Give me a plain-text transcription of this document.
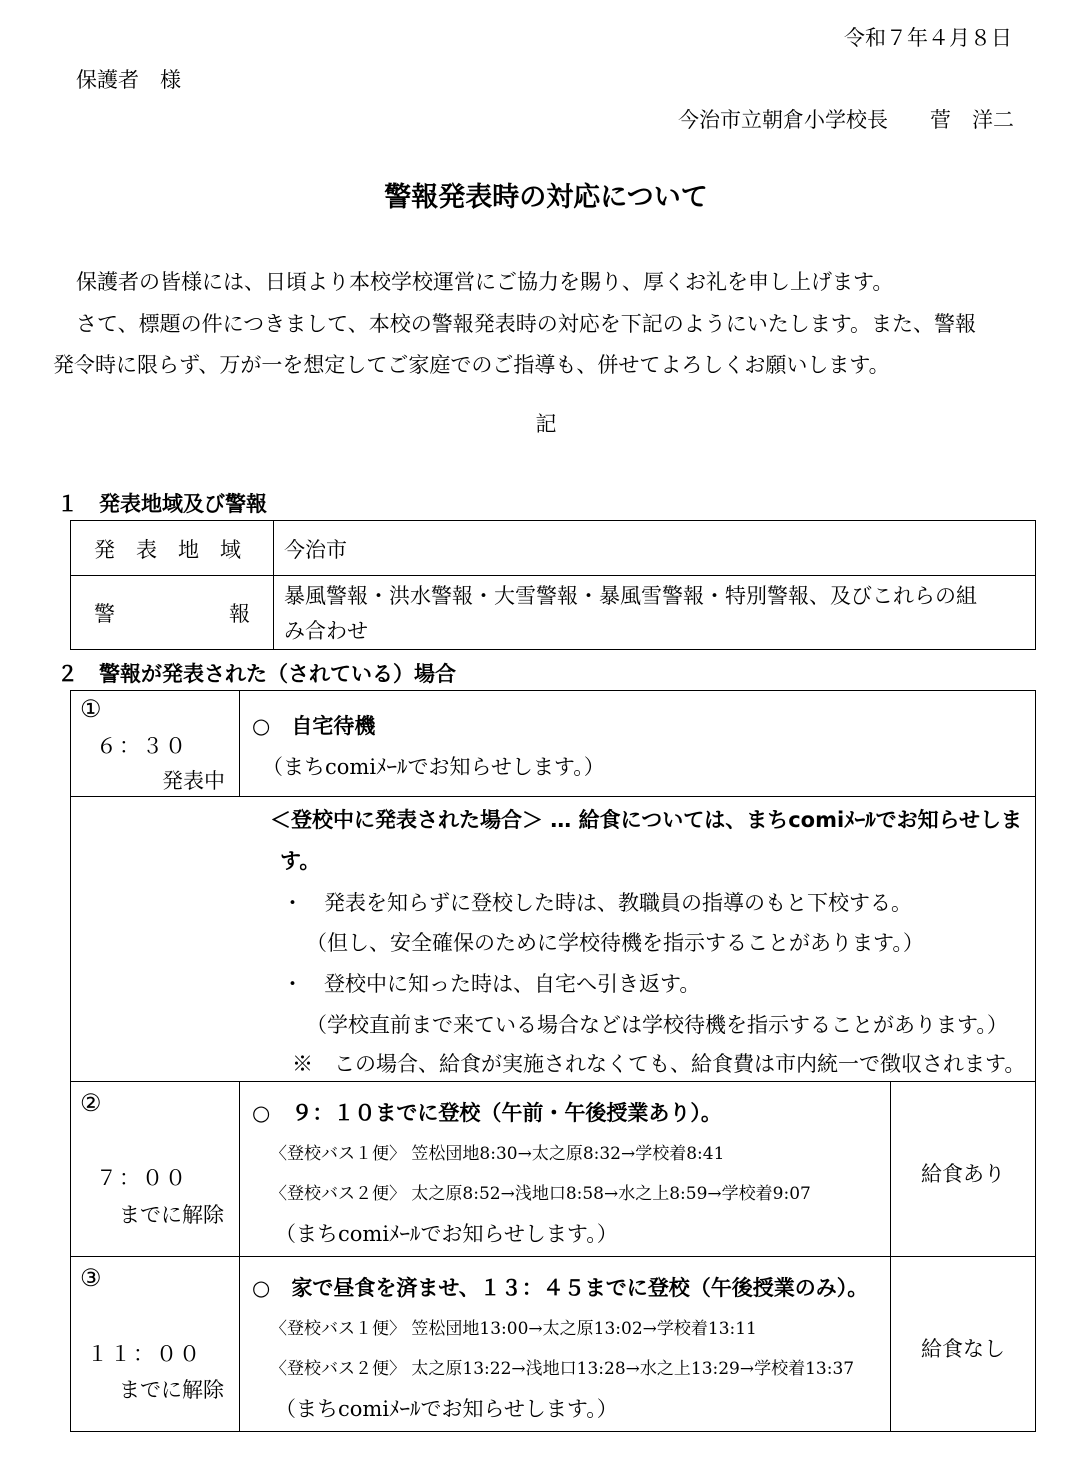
令和７年４月８日
保護者　様
今治市立朝倉小学校長　　菅　洋二
警報発表時の対応について
保護者の皆様には、日頃より本校学校運営にご協力を賜り、厚くお礼を申し上げます。
さて、標題の件につきまして、本校の警報発表時の対応を下記のようにいたします。また、警報
発令時に限らず、万が一を想定してご家庭でのご指導も、併せてよろしくお願いします。
記
１　発表地域及び警報
発　表　地　域 今治市
警	報
暴風警報・洪水警報・大雪警報・暴風雪警報・特別警報、及びこれらの組
み合わせ
２　警報が発表された（されている）場合
①
６：３０
発表中
○　自宅待機
（まちcomiﾒｰﾙでお知らせします。）
＜登校中に発表された場合＞ … 給食については、まちcomiﾒｰﾙでお知らせしま
す。
・　発表を知らずに登校した時は、教職員の指導のもと下校する。
（但し、安全確保のために学校待機を指示することがあります。）
・　登校中に知った時は、自宅へ引き返す。
（学校直前まで来ている場合などは学校待機を指示することがあります。）
※　この場合、給食が実施されなくても、給食費は市内統一で徴収されます。
②
７：００
までに解除
○　９：１０までに登校（午前・午後授業あり）。
〈登校バス１便〉 笠松団地8:30→太之原8:32→学校着8:41
〈登校バス２便〉 太之原8:52→浅地口8:58→水之上8:59→学校着9:07
（まちcomiﾒｰﾙでお知らせします。）
給食あり
③
１１：００
までに解除
○　家で昼食を済ませ、１３：４５までに登校（午後授業のみ）。
〈登校バス１便〉 笠松団地13:00→太之原13:02→学校着13:11
〈登校バス２便〉 太之原13:22→浅地口13:28→水之上13:29→学校着13:37
（まちcomiﾒｰﾙでお知らせします。）
給食なし
